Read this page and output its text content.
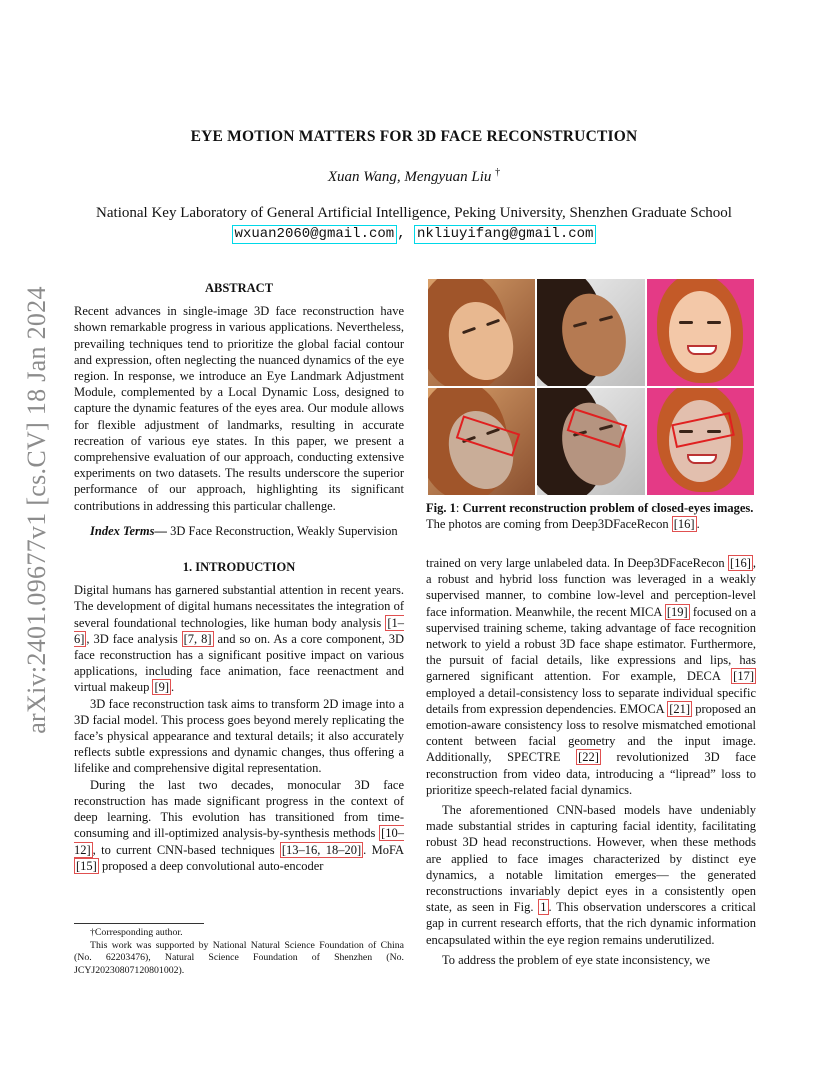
arXiv:2401.09677v1 [cs.CV] 18 Jan 2024
EYE MOTION MATTERS FOR 3D FACE RECONSTRUCTION
Xuan Wang, Mengyuan Liu †
National Key Laboratory of General Artificial Intelligence, Peking University, Shenzhen Graduate School
wxuan2060@gmail.com , nkliuyifang@gmail.com

ABSTRACT

Recent advances in single-image 3D face reconstruction have shown remarkable progress in various applications. Nevertheless, prevailing techniques tend to prioritize the global facial contour and expression, often neglecting the nuanced dynamics of the eye region. In response, we introduce an Eye Landmark Adjustment Module, complemented by a Local Dynamic Loss, designed to capture the dynamic features of the eyes area. Our module allows for flexible adjustment of landmarks, resulting in accurate recreation of various eye states. In this paper, we present a comprehensive evaluation of our approach, conducting extensive experiments on two datasets. The results underscore the superior performance of our approach, highlighting its significant contributions in addressing this particular challenge.

Index Terms— 3D Face Reconstruction, Weakly Supervision

1. INTRODUCTION

Digital humans has garnered substantial attention in recent years. The development of digital humans necessitates the integration of several foundational technologies, like human body analysis [1–6] , 3D face analysis [7, 8] and so on. As a core component, 3D face reconstruction has a significant positive impact on various applications, including face animation, face reenactment and virtual makeup [9] .

3D face reconstruction task aims to transform 2D image into a 3D facial model. This process goes beyond merely replicating the face’s physical appearance and textural details; it also accurately reflects subtle expressions and dynamic changes, thus offering a lifelike and comprehensive digital representation.

During the last two decades, monocular 3D face reconstruction has made significant progress in the context of deep learning. This evolution has transitioned from time-consuming and ill-optimized analysis-by-synthesis methods [10–12] , to current CNN-based techniques [13–16, 18–20] . MoFA [15] proposed a deep convolutional auto-encoder

†Corresponding author.
This work was supported by National Natural Science Foundation of China (No. 62203476), Natural Science Foundation of Shenzhen (No. JCYJ20230807120801002).
Fig. 1: Current reconstruction problem of closed-eyes images. The photos are coming from Deep3DFaceRecon [16] .

trained on very large unlabeled data. In Deep3DFaceRecon [16] , a robust and hybrid loss function was leveraged in a weakly supervised manner, to combine low-level and perception-level face information. Meanwhile, the recent MICA [19] focused on a supervised training scheme, taking advantage of face recognition network to yield a robust 3D face shape estimator. Furthermore, the pursuit of facial details, like expressions and lips, has garnered significant attention. For example, DECA [17] employed a detail-consistency loss to separate individual specific details from expression dependencies. EMOCA [21] proposed an emotion-aware consistency loss to resolve mismatched emotional content between facial geometry and the input image. Additionally, SPECTRE [22] revolutionized 3D face reconstruction from video data, introducing a “lipread” loss to prioritize speech-related facial dynamics.

The aforementioned CNN-based models have undeniably made substantial strides in capturing facial identity, facilitating robust 3D head reconstructions. However, when these methods are applied to face images characterized by distinct eye dynamics, a notable limitation emerges— the generated reconstructions invariably depict eyes in a consistently open state, as seen in Fig. 1 . This observation underscores a critical gap in current research efforts, that the rich dynamic information encapsulated within the eye region remains underutilized.

To address the problem of eye state inconsistency, we
